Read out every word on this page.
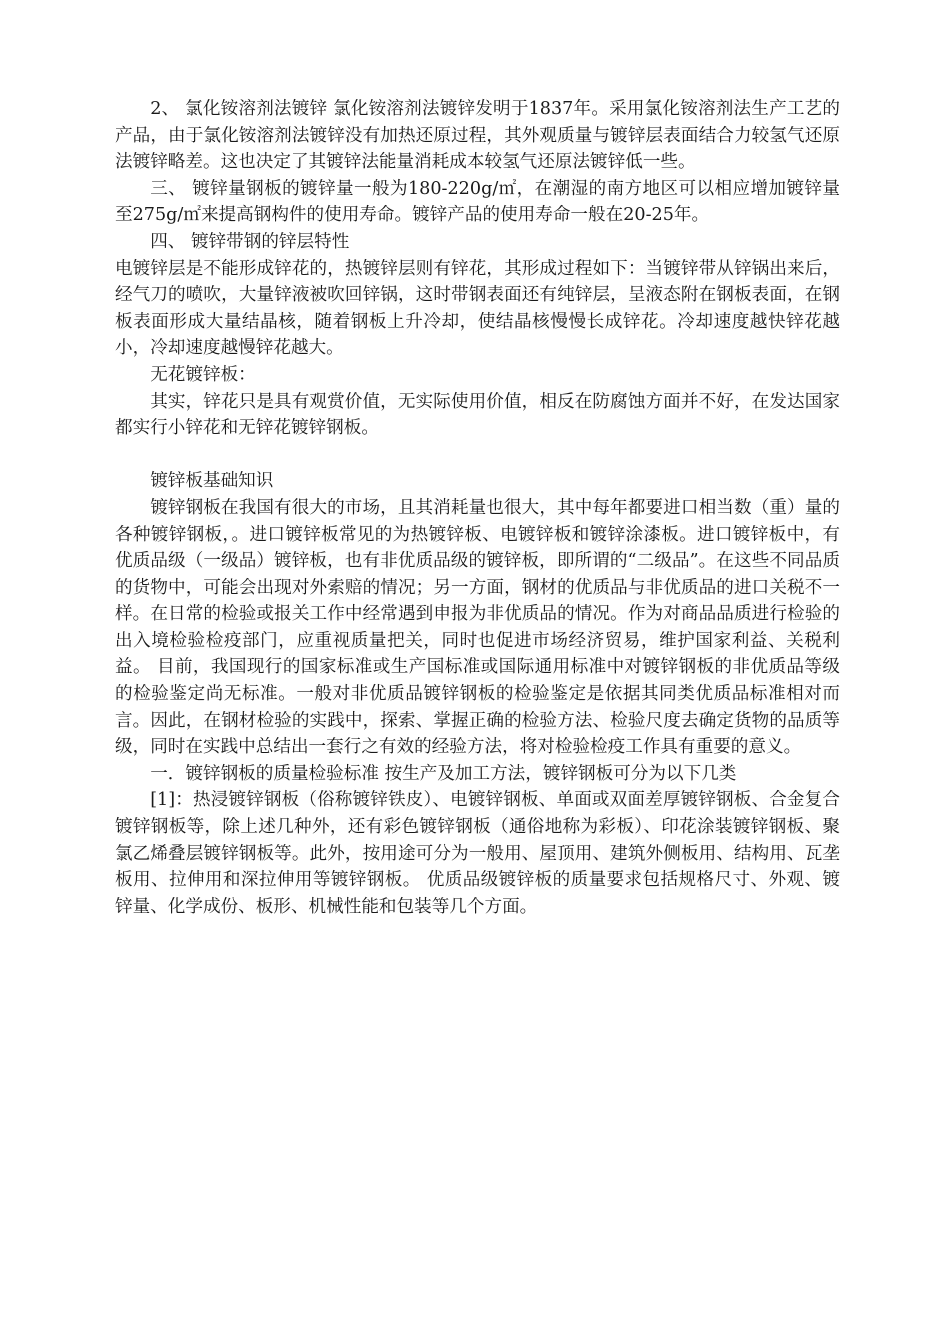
2、 氯化铵溶剂法镀锌 氯化铵溶剂法镀锌发明于1837年。采用氯化铵溶剂法生产工艺的产品，由于氯化铵溶剂法镀锌没有加热还原过程，其外观质量与镀锌层表面结合力较氢气还原法镀锌略差。这也决定了其镀锌法能量消耗成本较氢气还原法镀锌低一些。

三、 镀锌量钢板的镀锌量一般为180-220g/㎡，在潮湿的南方地区可以相应增加镀锌量至275g/㎡来提高钢构件的使用寿命。镀锌产品的使用寿命一般在20-25年。

四、 镀锌带钢的锌层特性

电镀锌层是不能形成锌花的，热镀锌层则有锌花，其形成过程如下：当镀锌带从锌锅出来后，经气刀的喷吹，大量锌液被吹回锌锅，这时带钢表面还有纯锌层，呈液态附在钢板表面，在钢板表面形成大量结晶核，随着钢板上升冷却，使结晶核慢慢长成锌花。冷却速度越快锌花越小，冷却速度越慢锌花越大。

无花镀锌板：

其实，锌花只是具有观赏价值，无实际使用价值，相反在防腐蚀方面并不好，在发达国家都实行小锌花和无锌花镀锌钢板。

镀锌板基础知识

镀锌钢板在我国有很大的市场，且其消耗量也很大，其中每年都要进口相当数（重）量的各种镀锌钢板，。进口镀锌板常见的为热镀锌板、电镀锌板和镀锌涂漆板。进口镀锌板中，有优质品级（一级品）镀锌板，也有非优质品级的镀锌板，即所谓的“二级品”。在这些不同品质的货物中，可能会出现对外索赔的情况；另一方面，钢材的优质品与非优质品的进口关税不一样。在日常的检验或报关工作中经常遇到申报为非优质品的情况。作为对商品品质进行检验的出入境检验检疫部门，应重视质量把关，同时也促进市场经济贸易，维护国家利益、关税利益。 目前，我国现行的国家标准或生产国标准或国际通用标准中对镀锌钢板的非优质品等级的检验鉴定尚无标准。一般对非优质品镀锌钢板的检验鉴定是依据其同类优质品标准相对而言。因此，在钢材检验的实践中，探索、掌握正确的检验方法、检验尺度去确定货物的品质等级，同时在实践中总结出一套行之有效的经验方法，将对检验检疫工作具有重要的意义。

一．镀锌钢板的质量检验标准 按生产及加工方法，镀锌钢板可分为以下几类

[1]：热浸镀锌钢板（俗称镀锌铁皮）、电镀锌钢板、单面或双面差厚镀锌钢板、合金复合镀锌钢板等，除上述几种外，还有彩色镀锌钢板（通俗地称为彩板）、印花涂装镀锌钢板、聚氯乙烯叠层镀锌钢板等。此外，按用途可分为一般用、屋顶用、建筑外侧板用、结构用、瓦垄板用、拉伸用和深拉伸用等镀锌钢板。 优质品级镀锌板的质量要求包括规格尺寸、外观、镀锌量、化学成份、板形、机械性能和包装等几个方面。
